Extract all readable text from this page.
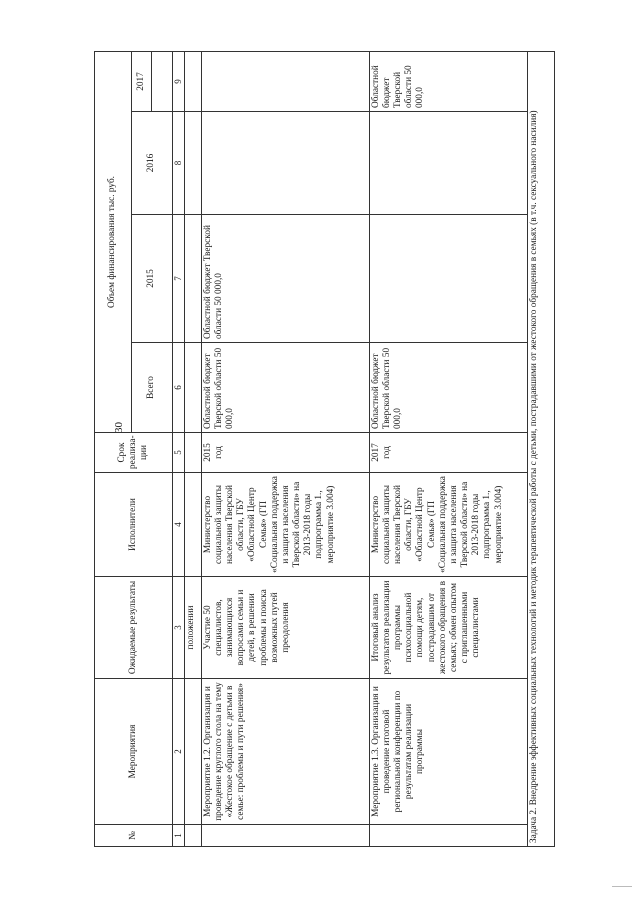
30
№	Мероприятия	Ожидаемые результаты	Исполнители	Срок реализа-ции	Объем финансирования тыс. руб.			
					Всего	2015	2016	2017

1	2	3	4	5	6	7	8	9
		положении						
	Мероприятие 1.2. Организация и проведение круглого стола на тему «Жестокое обращение с детьми в семье: проблемы и пути решения»	Участие 50 специалистов, занимающихся вопросами семьи и детей, в решении проблемы и поиска возможных путей преодоления	Министерство социальной защиты населения Тверской области, ГБУ «Областной Центр Семья» (ГП «Социальная поддержка и защита населения Тверской области» на 2013-2018 годы подпрограмма 1., мероприятие 3.004)	2015 год	Областной бюджет Тверской области 50 000,0	Областной бюджет Тверской области 50 000,0		
	Мероприятие 1.3. Организация и проведение итоговой региональной конференции по результатам реализации программы	Итоговый анализ результатов реализации программы психосоциальной помощи детям, пострадавшим от жестокого обращения в семьях; обмен опытом с приглашенными специалистами	Министерство социальной защиты населения Тверской области, ГБУ «Областной Центр Семья» (ГП «Социальная поддержка и защита населения Тверской области» на 2013-2018 годы подпрограмма 1., мероприятие 3.004)	2017 год	Областной бюджет Тверской области 50 000,0			Областной бюджет Тверской области 50 000,0
Задача 2. Внедрение эффективных социальных технологий и методик терапевтической работы с детьми, пострадавшими от жестокого обращения в семьях (в т.ч. сексуального насилия)								
